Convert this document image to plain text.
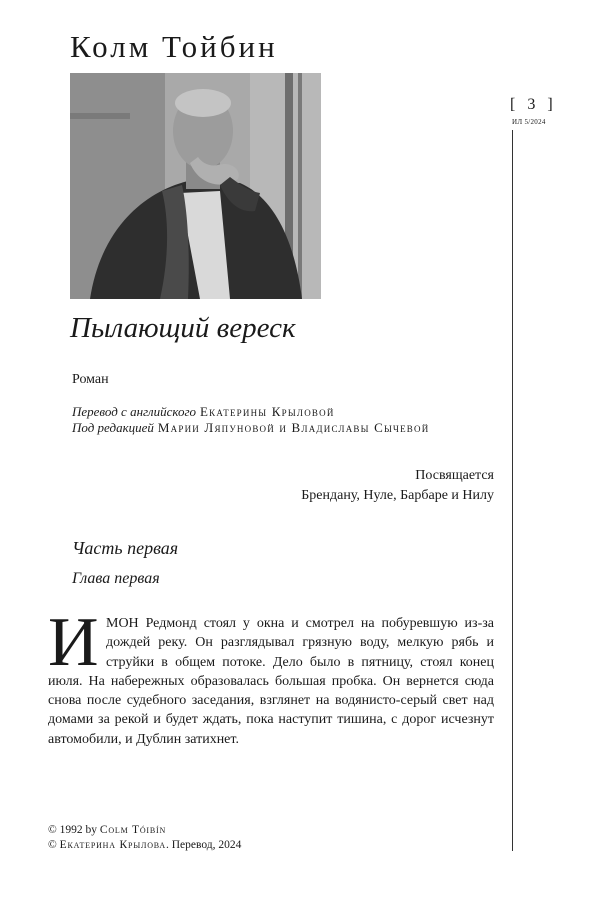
Колм Тойбин
[ 3 ]
ИЛ 5/2024
Пылающий вереск
Роман
Перевод с английского Екатерины Крыловой
Под редакцией Марии Ляпуновой и Владиславы Сычевой
Посвящается
Брендану, Нуле, Барбаре и Нилу
Часть первая
Глава первая
И МОН Редмонд стоял у окна и смотрел на побуревшую из-за дождей реку. Он разглядывал грязную воду, мелкую рябь и струйки в общем потоке. Дело было в пятницу, стоял конец июля. На набережных образовалась большая пробка. Он вернется сюда снова после судебного заседания, взглянет на водянисто-серый свет над домами за рекой и будет ждать, пока наступит тишина, с дорог исчезнут автомобили, и Дублин затихнет.

© 1992 by Colm Tóibín
© Екатерина Крылова. Перевод, 2024
